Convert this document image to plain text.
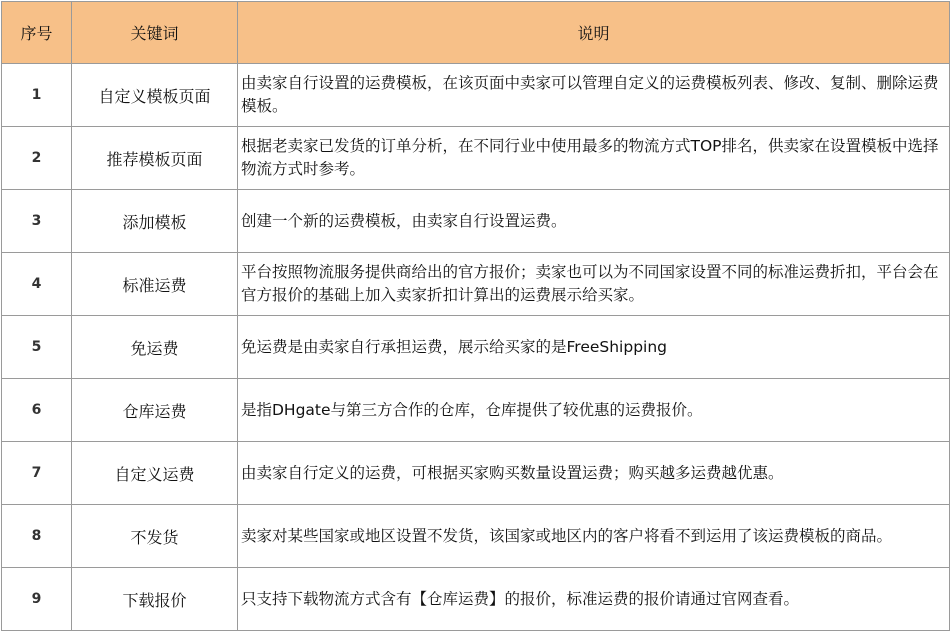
序号	关键词	说明
1	自定义模板页面	由卖家自行设置的运费模板，在该页面中卖家可以管理自定义的运费模板列表、修改、复制、删除运费模板。
2	推荐模板页面	根据老卖家已发货的订单分析，在不同行业中使用最多的物流方式TOP排名，供卖家在设置模板中选择物流方式时参考。
3	添加模板	创建一个新的运费模板，由卖家自行设置运费。
4	标准运费	平台按照物流服务提供商给出的官方报价；卖家也可以为不同国家设置不同的标准运费折扣，平台会在官方报价的基础上加入卖家折扣计算出的运费展示给买家。
5	免运费	免运费是由卖家自行承担运费，展示给买家的是FreeShipping
6	仓库运费	是指DHgate与第三方合作的仓库，仓库提供了较优惠的运费报价。
7	自定义运费	由卖家自行定义的运费，可根据买家购买数量设置运费；购买越多运费越优惠。
8	不发货	卖家对某些国家或地区设置不发货，该国家或地区内的客户将看不到运用了该运费模板的商品。
9	下载报价	只支持下载物流方式含有【仓库运费】的报价，标准运费的报价请通过官网查看。
